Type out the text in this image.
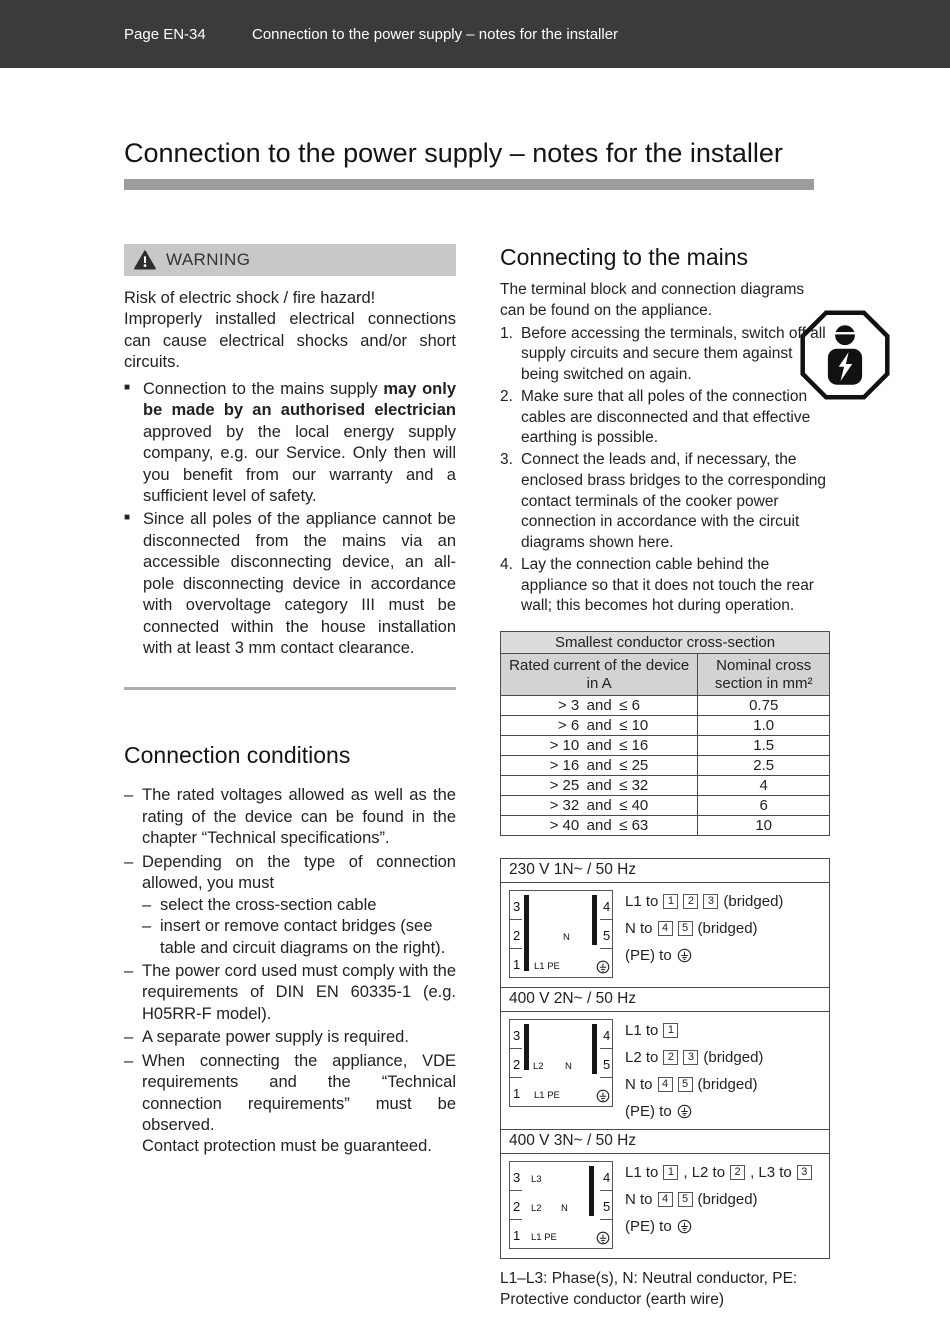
Page EN-34	Connection to the power supply – notes for the installer
Connection to the power supply – notes for the installer
WARNING

Risk of electric shock / fire hazard!

Improperly installed electrical connections can cause electrical shocks and/or short circuits.

■ Connection to the mains supply may only be made by an authorised electrician approved by the local energy supply company, e.g. our Service. Only then will you benefit from our warranty and a sufficient level of safety.
■ Since all poles of the appliance cannot be disconnected from the mains via an accessible disconnecting device, an all-pole disconnecting device in accordance with overvoltage category III must be connected within the house installation with at least 3 mm contact clearance.
Connection conditions
– The rated voltages allowed as well as the rating of the device can be found in the chapter “Technical specifications”.
– Depending on the type of connection allowed, you must
– select the cross-section cable
– insert or remove contact bridges (see table and circuit diagrams on the right).
– The power cord used must comply with the requirements of DIN EN 60335-1 (e.g. H05RR-F model).
– A separate power supply is required.
– When connecting the appliance, VDE requirements and the “Technical connection requirements” must be observed.
Contact protection must be guaranteed.
Connecting to the mains

The terminal block and connection diagrams can be found on the appliance.

1. Before accessing the terminals, switch off all supply circuits and secure them against being switched on again.
2. Make sure that all poles of the connection cables are disconnected and that effective earthing is possible.
3. Connect the leads and, if necessary, the enclosed brass bridges to the corresponding contact terminals of the cooker power connection in accordance with the circuit diagrams shown here.
4. Lay the connection cable behind the appliance so that it does not touch the rear wall; this becomes hot during operation.
Smallest conductor cross-section	
Rated current of the device in A	Nominal cross section in mm²

> 3 and ≤ 6	0.75

> 6 and ≤ 10	1.0

> 10 and ≤ 16	1.5

> 16 and ≤ 25	2.5

> 25 and ≤ 32	4

> 32 and ≤ 40	6

> 40 and ≤ 63	10
230 V 1N~ / 50 Hz
3
2
1
4
5
N
L1 PE
L1 to 1	2	3 (bridged)
N to 4	5 (bridged)
(PE) to
400 V 2N~ / 50 Hz
3
2
1
4
5
L2 N
L1 PE
L1 to 1
L2 to 2	3 (bridged)
N to 4	5 (bridged)
(PE) to
400 V 3N~ / 50 Hz
3
2
1
4
5
L3
L2 N
L1 PE
L1 to 1 , L2 to 2 , L3 to 3
N to 4	5 (bridged)
(PE) to

L1–L3: Phase(s), N: Neutral conductor, PE: Protective conductor (earth wire)
